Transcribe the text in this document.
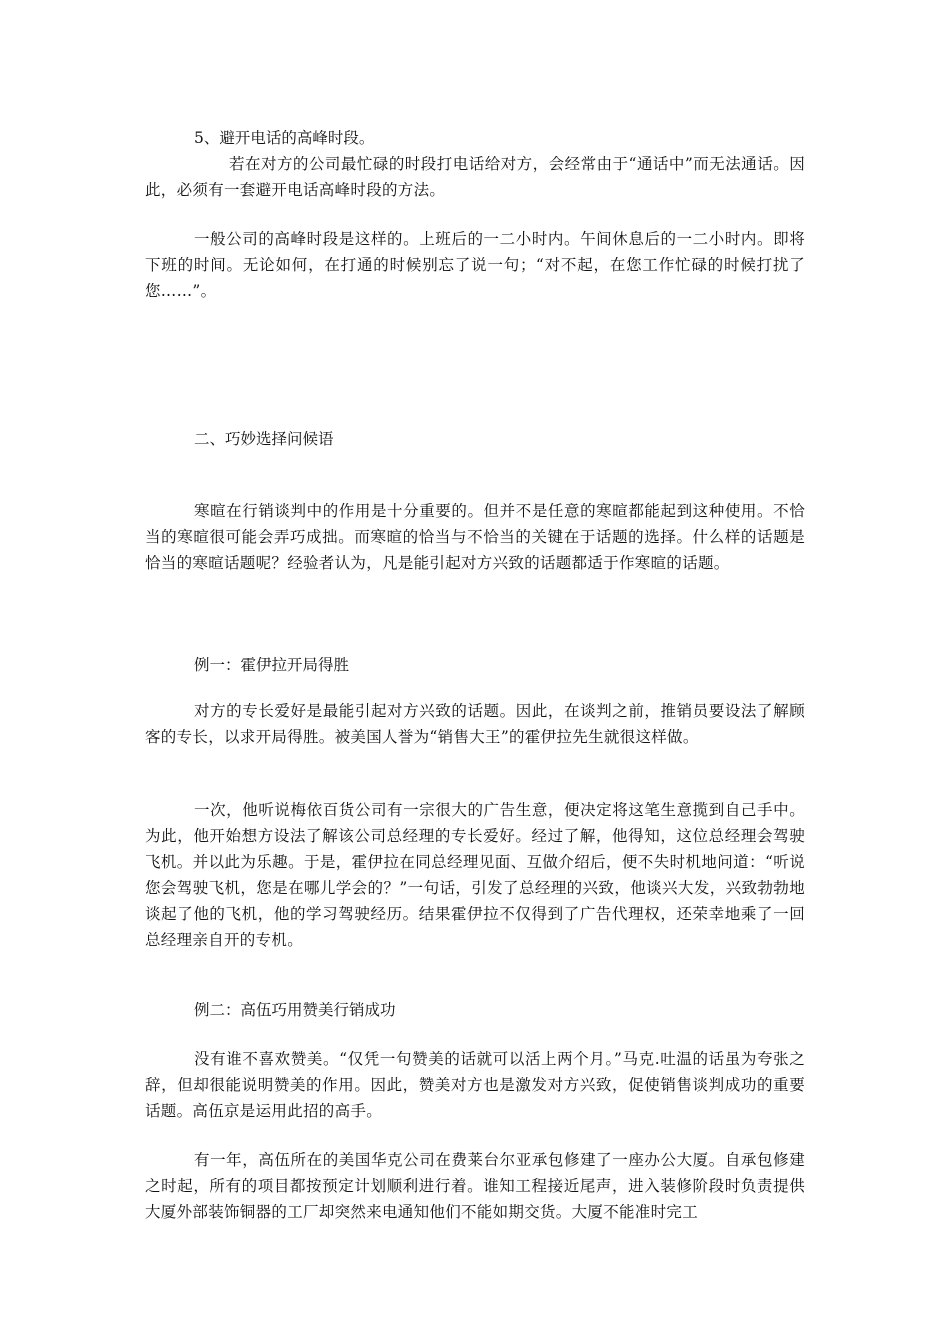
5、避开电话的高峰时段。

若在对方的公司最忙碌的时段打电话给对方，会经常由于“通话中”而无法通话。因此，必须有一套避开电话高峰时段的方法。

一般公司的高峰时段是这样的。上班后的一二小时内。午间休息后的一二小时内。即将下班的时间。无论如何，在打通的时候别忘了说一句；“对不起，在您工作忙碌的时候打扰了您……”。

二、巧妙选择问候语

寒暄在行销谈判中的作用是十分重要的。但并不是任意的寒暄都能起到这种使用。不恰当的寒暄很可能会弄巧成拙。而寒暄的恰当与不恰当的关键在于话题的选择。什么样的话题是恰当的寒暄话题呢？经验者认为，凡是能引起对方兴致的话题都适于作寒暄的话题。

例一：霍伊拉开局得胜

对方的专长爱好是最能引起对方兴致的话题。因此，在谈判之前，推销员要设法了解顾客的专长，以求开局得胜。被美国人誉为“销售大王”的霍伊拉先生就很这样做。

一次，他听说梅依百货公司有一宗很大的广告生意，便决定将这笔生意揽到自己手中。为此，他开始想方设法了解该公司总经理的专长爱好。经过了解，他得知，这位总经理会驾驶飞机。并以此为乐趣。于是，霍伊拉在同总经理见面、互做介绍后，便不失时机地问道：“听说您会驾驶飞机，您是在哪儿学会的？”一句话，引发了总经理的兴致，他谈兴大发，兴致勃勃地谈起了他的飞机，他的学习驾驶经历。结果霍伊拉不仅得到了广告代理权，还荣幸地乘了一回总经理亲自开的专机。

例二：高伍巧用赞美行销成功

没有谁不喜欢赞美。“仅凭一句赞美的话就可以活上两个月。”马克.吐温的话虽为夸张之辞，但却很能说明赞美的作用。因此，赞美对方也是激发对方兴致，促使销售谈判成功的重要话题。高伍京是运用此招的高手。

有一年，高伍所在的美国华克公司在费莱台尔亚承包修建了一座办公大厦。自承包修建之时起，所有的项目都按预定计划顺利进行着。谁知工程接近尾声，进入装修阶段时负责提供大厦外部装饰铜器的工厂却突然来电通知他们不能如期交货。大厦不能准时完工
